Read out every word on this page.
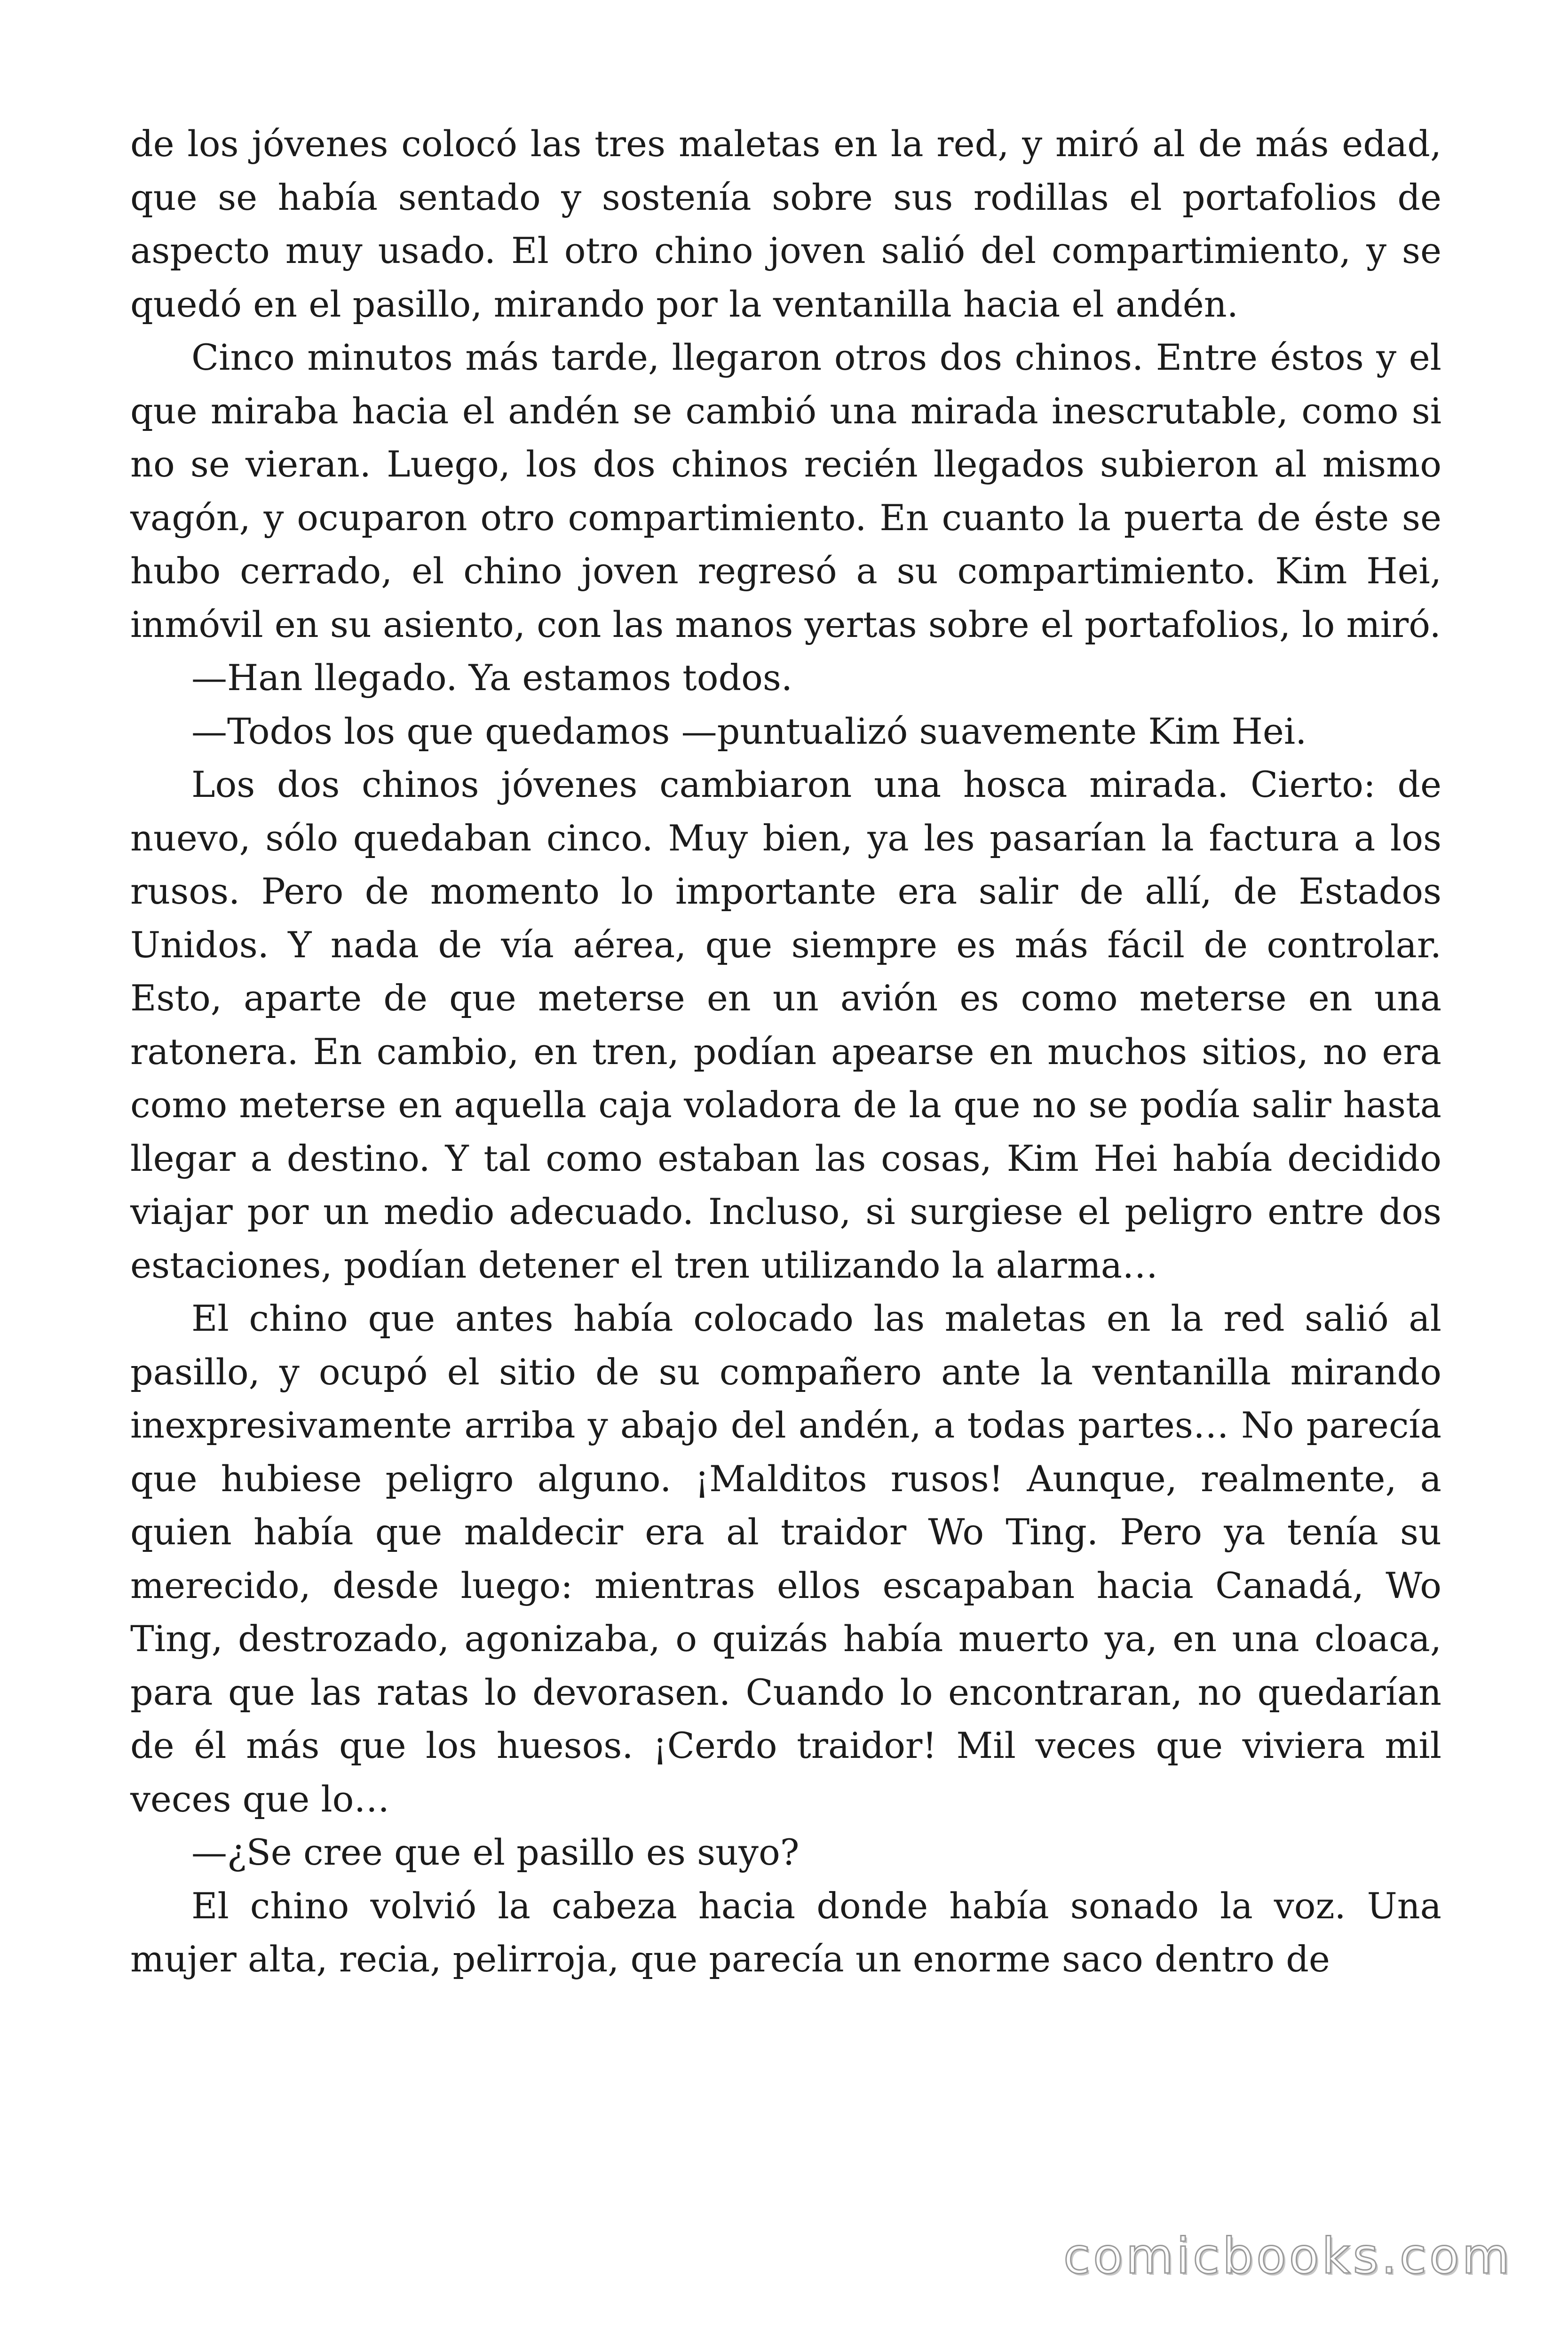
de los jóvenes colocó las tres maletas en la red, y miró al de más edad, que se había sentado y sostenía sobre sus rodillas el portafolios de aspecto muy usado. El otro chino joven salió del compartimiento, y se quedó en el pasillo, mirando por la ventanilla hacia el andén.

Cinco minutos más tarde, llegaron otros dos chinos. Entre éstos y el que miraba hacia el andén se cambió una mirada inescrutable, como si no se vieran. Luego, los dos chinos recién llegados subieron al mismo vagón, y ocuparon otro compartimiento. En cuanto la puerta de éste se hubo cerrado, el chino joven regresó a su compartimiento. Kim Hei, inmóvil en su asiento, con las manos yertas sobre el portafolios, lo miró.

—Han llegado. Ya estamos todos.

—Todos los que quedamos —puntualizó suavemente Kim Hei.

Los dos chinos jóvenes cambiaron una hosca mirada. Cierto: de nuevo, sólo quedaban cinco. Muy bien, ya les pasarían la factura a los rusos. Pero de momento lo importante era salir de allí, de Estados Unidos. Y nada de vía aérea, que siempre es más fácil de controlar. Esto, aparte de que meterse en un avión es como meterse en una ratonera. En cambio, en tren, podían apearse en muchos sitios, no era como meterse en aquella caja voladora de la que no se podía salir hasta llegar a destino. Y tal como estaban las cosas, Kim Hei había decidido viajar por un medio adecuado. Incluso, si surgiese el peligro entre dos estaciones, podían detener el tren utilizando la alarma…

El chino que antes había colocado las maletas en la red salió al pasillo, y ocupó el sitio de su compañero ante la ventanilla mirando inexpresivamente arriba y abajo del andén, a todas partes… No parecía que hubiese peligro alguno. ¡Malditos rusos! Aunque, realmente, a quien había que maldecir era al traidor Wo Ting. Pero ya tenía su merecido, desde luego: mientras ellos escapaban hacia Canadá, Wo Ting, destrozado, agonizaba, o quizás había muerto ya, en una cloaca, para que las ratas lo devorasen. Cuando lo encontraran, no quedarían de él más que los huesos. ¡Cerdo traidor! Mil veces que viviera mil veces que lo…

—¿Se cree que el pasillo es suyo?

El chino volvió la cabeza hacia donde había sonado la voz. Una mujer alta, recia, pelirroja, que parecía un enorme saco dentro de

comicbooks.com
